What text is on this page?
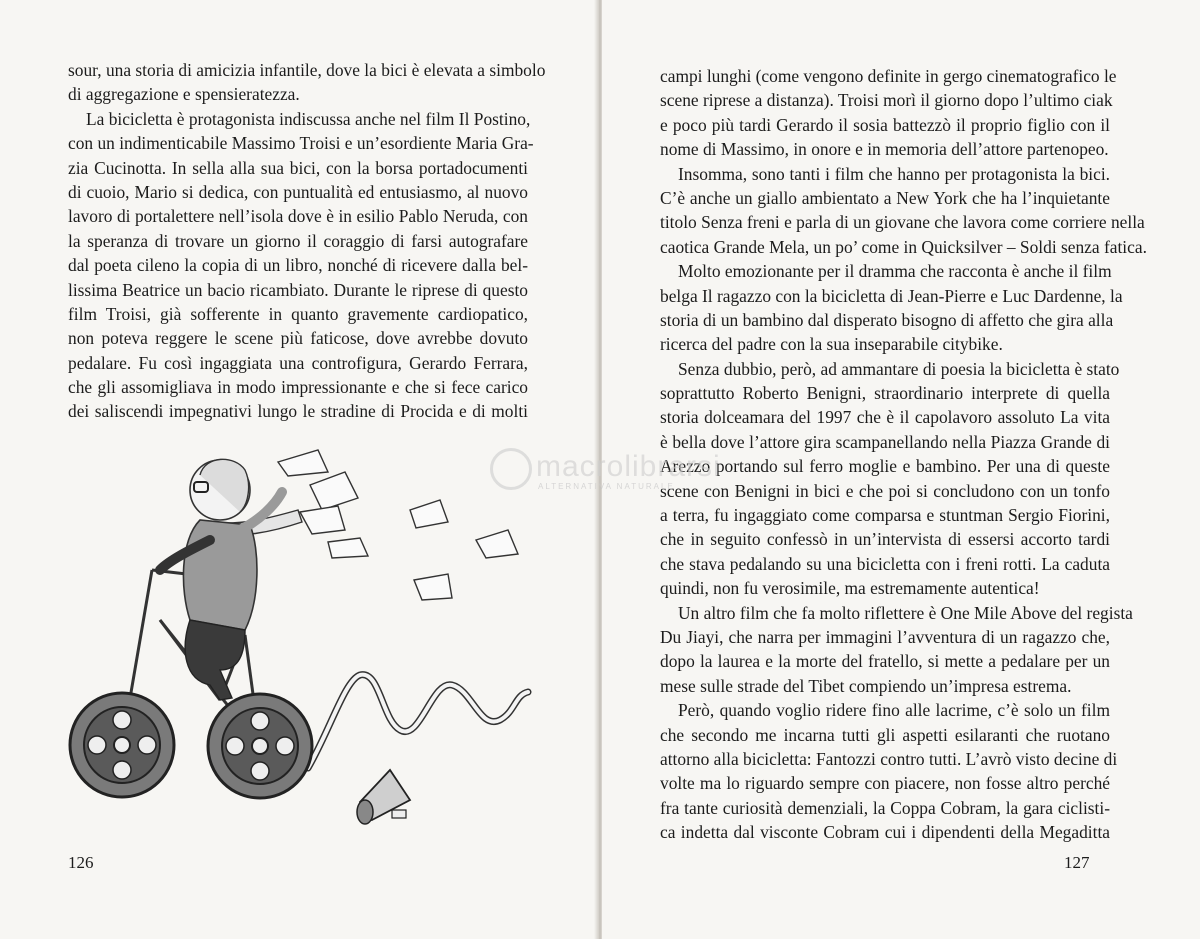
sour, una storia di amicizia infantile, dove la bici è elevata a simbolo
di aggregazione e spensieratezza.
La bicicletta è protagonista indiscussa anche nel film Il Postino,
con un indimenticabile Massimo Troisi e un’esordiente Maria Gra-
zia Cucinotta. In sella alla sua bici, con la borsa portadocumenti
di cuoio, Mario si dedica, con puntualità ed entusiasmo, al nuovo
lavoro di portalettere nell’isola dove è in esilio Pablo Neruda, con
la speranza di trovare un giorno il coraggio di farsi autografare
dal poeta cileno la copia di un libro, nonché di ricevere dalla bel-
lissima Beatrice un bacio ricambiato. Durante le riprese di questo
film Troisi, già sofferente in quanto gravemente cardiopatico,
non poteva reggere le scene più faticose, dove avrebbe dovuto
pedalare. Fu così ingaggiata una controfigura, Gerardo Ferrara,
che gli assomigliava in modo impressionante e che si fece carico
dei saliscendi impegnativi lungo le stradine di Procida e di molti
126
campi lunghi (come vengono definite in gergo cinematografico le
scene riprese a distanza). Troisi morì il giorno dopo l’ultimo ciak
e poco più tardi Gerardo il sosia battezzò il proprio figlio con il
nome di Massimo, in onore e in memoria dell’attore partenopeo.
Insomma, sono tanti i film che hanno per protagonista la bici.
C’è anche un giallo ambientato a New York che ha l’inquietante
titolo Senza freni e parla di un giovane che lavora come corriere nella
caotica Grande Mela, un po’ come in Quicksilver – Soldi senza fatica.
Molto emozionante per il dramma che racconta è anche il film
belga Il ragazzo con la bicicletta di Jean-Pierre e Luc Dardenne, la
storia di un bambino dal disperato bisogno di affetto che gira alla
ricerca del padre con la sua inseparabile citybike.
Senza dubbio, però, ad ammantare di poesia la bicicletta è stato
soprattutto Roberto Benigni, straordinario interprete di quella
storia dolceamara del 1997 che è il capolavoro assoluto La vita
è bella dove l’attore gira scampanellando nella Piazza Grande di
Arezzo portando sul ferro moglie e bambino. Per una di queste
scene con Benigni in bici e che poi si concludono con un tonfo
a terra, fu ingaggiato come comparsa e stuntman Sergio Fiorini,
che in seguito confessò in un’intervista di essersi accorto tardi
che stava pedalando su una bicicletta con i freni rotti. La caduta
quindi, non fu verosimile, ma estremamente autentica!
Un altro film che fa molto riflettere è One Mile Above del regista
Du Jiayi, che narra per immagini l’avventura di un ragazzo che,
dopo la laurea e la morte del fratello, si mette a pedalare per un
mese sulle strade del Tibet compiendo un’impresa estrema.
Però, quando voglio ridere fino alle lacrime, c’è solo un film
che secondo me incarna tutti gli aspetti esilaranti che ruotano
attorno alla bicicletta: Fantozzi contro tutti. L’avrò visto decine di
volte ma lo riguardo sempre con piacere, non fosse altro perché
fra tante curiosità demenziali, la Coppa Cobram, la gara ciclisti-
ca indetta dal visconte Cobram cui i dipendenti della Megaditta
127
macrolibrarsi
ALTERNATIVA NATURALE
